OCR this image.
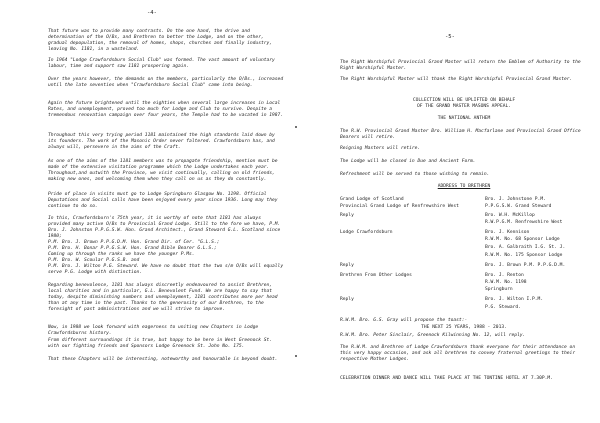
-4-
That future was to provide many contrasts. On the one hand, the drive and determination of the O/Bs, and Brethren to better the Lodge, and on the other, gradual depopulation, the removal of homes, shops, churches and finally industry, leaving No. 1181, in a wasteland.
In 1964 "Lodge Crawfordsburn Social Club" was formed. The vast amount of voluntary labour, time and support saw 1181 prospering again.
Over the years however, the demands on the members, particularly the O/Bs., increased until the late seventies when "Crawfordsburn Social Club" came into being.
Again the future brightened until the eighties when several large increases in Local Rates, and unemployment, proved too much for Lodge and Club to survive. Despite a tremendous renovation campaign over four years, the Temple had to be vacated in 1987.
Throughout this very trying period 1181 maintained the high standards laid down by its founders. The work of the Masonic Order never faltered. Crawfordsburn has, and always will, persevere in the aims of the Craft.
As one of the aims of the 1181 members was to propagate friendship, mention must be made of the extensive visitation programme which the Lodge undertakes each year. Throughout,and outwith the Province, we visit continually, calling on old friends, making new ones, and welcoming them when they call on us as they do constantly.
Pride of place in visits must go to Lodge Springburn Glasgow No. 1198. Official Deputations and Social calls have been enjoyed every year since 1936. Long may they continue to do so.
In this, Crawfordsburn's 75th year, it is worthy of note that 1181 has always provided many active O/Bs to Provincial Grand Lodge. Still to the fore we have, P.M. Bro. J. Johnston P.P.G.S.W. Hon. Grand Architect., Grand Steward G.L. Scotland since 1980;
P.M. Bro. J. Brown P.P.G.D.M. Hon. Grand Dir. of Cer. "G.L.S.;
P.M. Bro. H. Bonar P.P.G.S.W. Hon. Grand Bible Bearer G.L.S.;
Coming up through the ranks we have the younger P.Ms.
P.M. Bro. W. Scoular P.G.S.B. and
P.M. Bro. J. Wilton P.G. Steward. We have no doubt that the two s/m O/Bs will equally serve P.G. Lodge with distinction.
Regarding benevolence, 1181 has always discreetly endeavoured to assist Brethren, local charities and in particular, G.L. Benevolent Fund. We are happy to say that today, despite diminishing numbers and unemployment, 1181 contributes more per head than at any time in the past. Thanks to the generosity of our Brethren, to the foresight of past administrations and we will strive to improve.
Now, in 1988 we look forward with eagerness to uniting new Chapters in Lodge Crawfordsburns history.
From different surroundings it is true, but happy to be here in West Greenock St. with our fighting friends and Sponsors Lodge Greenock St. John No. 175.
That these Chapters will be interesting, noteworthy and honourable is beyond doubt.
-5-
The Right Worshipful Provincial Grand Master will return the Emblem of Authority to the Right Worshipful Master.
The Right Worshipful Master will thank the Right Worshipful Provincial Grand Master.
COLLECTION WILL BE UPLIFTED ON BEHALF
OF THE GRAND MASTER MASONS APPEAL.
THE NATIONAL ANTHEM
The R.W. Provincial Grand Master Bro. William H. Macfarlane and Provincial Grand Office Bearers will retire.
Reigning Masters will retire.
The Lodge will be closed in Due and Ancient Form.
Refreshment will be served to those wishing to remain.
ADDRESS TO BRETHREN
Grand Lodge of Scotland	Bro. J. Johnstone P.M.
Provincial Grand Lodge of Renfrewshire West	P.P.G.S.W. Grand Steward
Reply	Bro. W.H. McKillop
R.W.P.G.M. Renfrewshire West
Lodge Crawfordsburn	Bro. J. Kennison
R.W.M. No. 68 Sponsor Lodge
Bro. A. Galbraith I.G. St. J.
R.W.M. No. 175 Sponsor Lodge
Reply	Bro. J. Brown P.M. P.P.G.D.M.
Brethren From Other Lodges	Bro. J. Renton
R.W.M. No. 1198
Springburn
Reply	Bro. J. Wilton I.P.M.
P.G. Steward.
R.W.M. Bro. G.S. Gray will propose the toast:-
THE NEXT 25 YEARS, 1988 - 2013.
R.W.M. Bro. Peter Sinclair, Greenock Kilwinning No. 12, will reply.
The R.W.M. and Brethren of Lodge Crawfordsburn thank everyone for their attendance on this very happy occasion, and ask all brethren to convey fraternal greetings to their respective Mother Lodges.
CELEBRATION DINNER AND DANCE WILL TAKE PLACE AT THE TONTINE HOTEL AT 7.30P.M.
